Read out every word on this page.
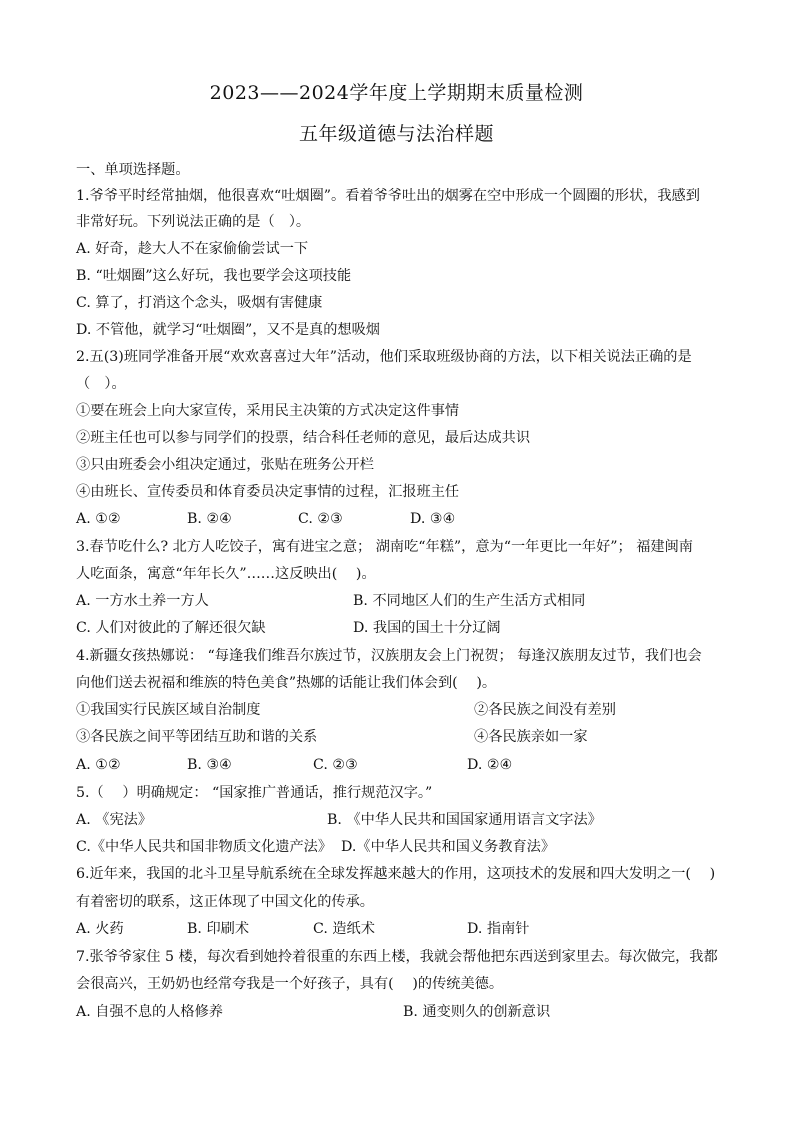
2023——2024学年度上学期期末质量检测
五年级道德与法治样题
一、单项选择题。
1.爷爷平时经常抽烟，他很喜欢“吐烟圈”。看着爷爷吐出的烟雾在空中形成一个圆圈的形状，我感到
非常好玩。下列说法正确的是（　）。
A. 好奇，趁大人不在家偷偷尝试一下
B. “吐烟圈”这么好玩，我也要学会这项技能
C. 算了，打消这个念头，吸烟有害健康
D. 不管他，就学习“吐烟圈”，又不是真的想吸烟
2.五(3)班同学准备开展“欢欢喜喜过大年”活动，他们采取班级协商的方法，以下相关说法正确的是
（　）。
①要在班会上向大家宣传，采用民主决策的方式决定这件事情
②班主任也可以参与同学们的投票，结合科任老师的意见，最后达成共识
③只由班委会小组决定通过，张贴在班务公开栏
④由班长、宣传委员和体育委员决定事情的过程，汇报班主任
A. ①②	B. ②④	C. ②③	D. ③④
3.春节吃什么? 北方人吃饺子，寓有进宝之意； 湖南吃“年糕”，意为“一年更比一年好”； 福建闽南
人吃面条，寓意“年年长久”……这反映出(　 )。
A. 一方水土养一方人	B. 不同地区人们的生产生活方式相同
C. 人们对彼此的了解还很欠缺	D. 我国的国土十分辽阔
4.新疆女孩热娜说： “每逢我们维吾尔族过节，汉族朋友会上门祝贺； 每逢汉族朋友过节，我们也会
向他们送去祝福和维族的特色美食”热娜的话能让我们体会到(　 )。
①我国实行民族区域自治制度	②各民族之间没有差别
③各民族之间平等团结互助和谐的关系	④各民族亲如一家
A. ①②	B. ③④	C. ②③	D. ②④
5.（　 ）明确规定： “国家推广普通话，推行规范汉字。”
A. 《宪法》	B. 《中华人民共和国国家通用语言文字法》
C.《中华人民共和国非物质文化遗产法》 D.《中华人民共和国义务教育法》
6.近年来，我国的北斗卫星导航系统在全球发挥越来越大的作用，这项技术的发展和四大发明之一(　 )
有着密切的联系，这正体现了中国文化的传承。
A. 火药	B. 印刷术	C. 造纸术	D. 指南针
7.张爷爷家住 5 楼，每次看到她拎着很重的东西上楼，我就会帮他把东西送到家里去。每次做完，我都
会很高兴，王奶奶也经常夸我是一个好孩子，具有(　 )的传统美德。
A. 自强不息的人格修养	B. 通变则久的创新意识
